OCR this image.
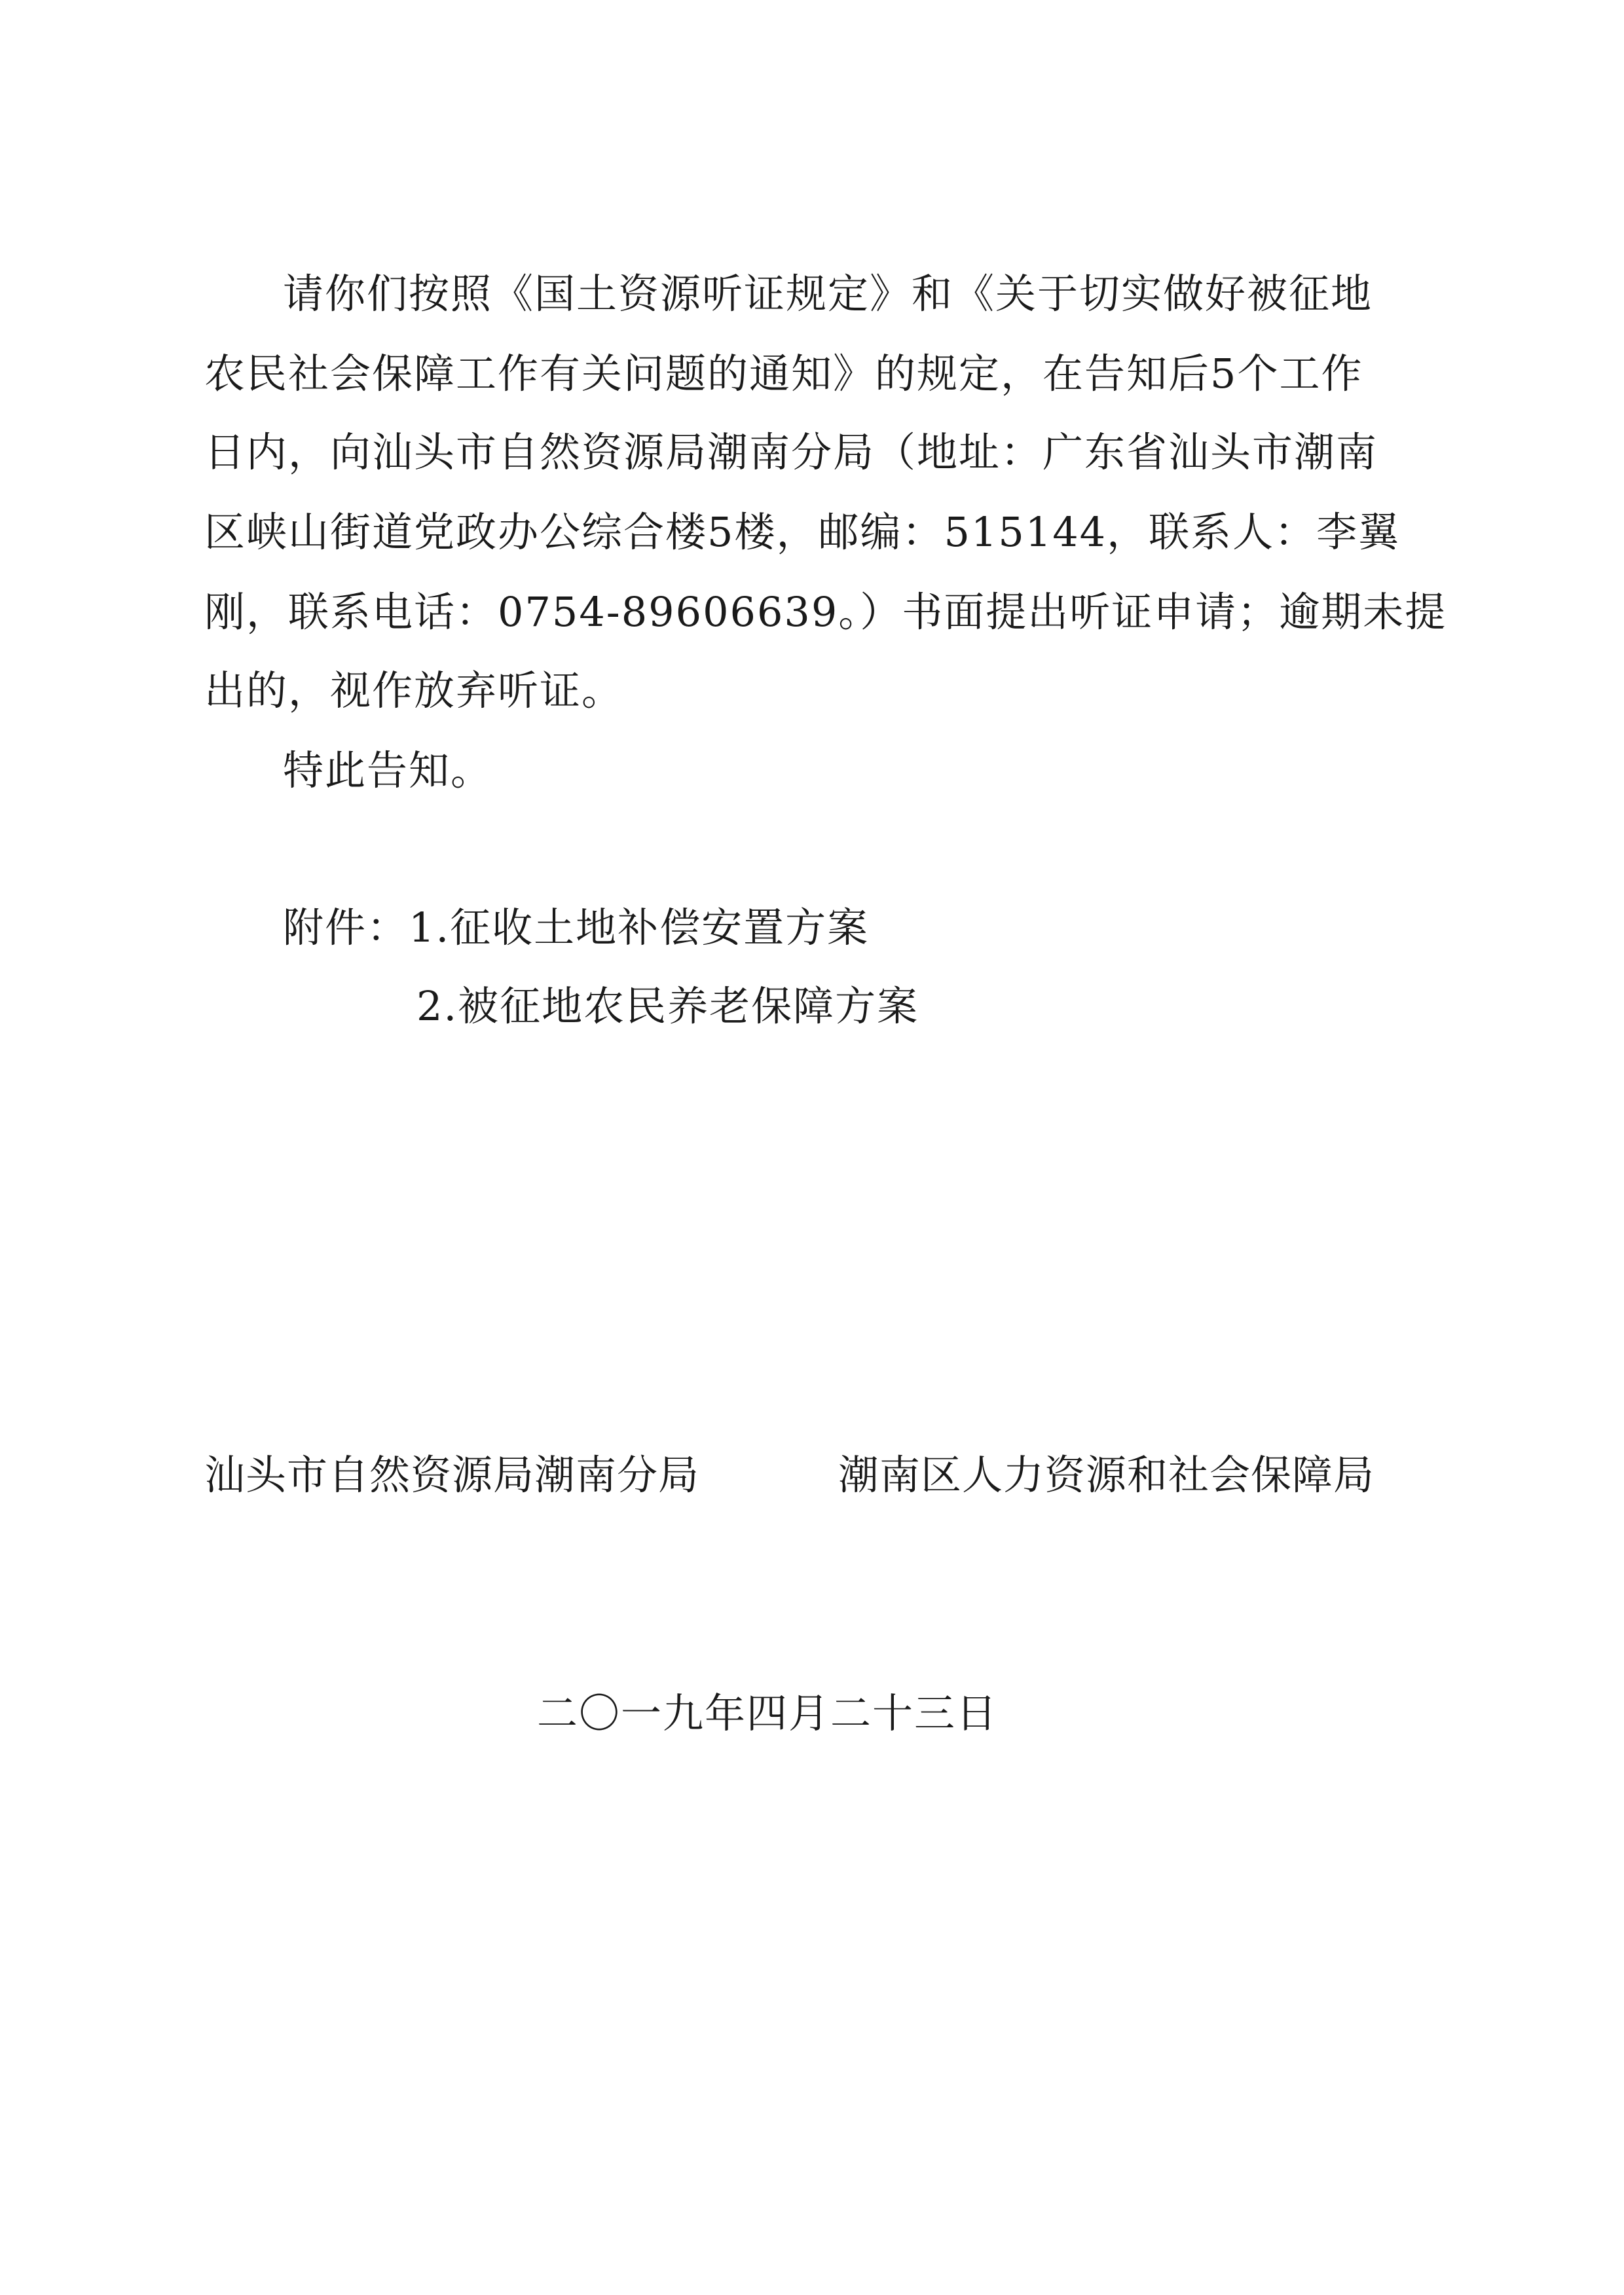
请你们按照《国土资源听证规定》和《关于切实做好被征地
农民社会保障工作有关问题的通知》的规定，在告知后5个工作
日内，向汕头市自然资源局潮南分局（地址：广东省汕头市潮南
区峡山街道党政办公综合楼5楼，邮编：515144，联系人：李翼
刚，联系电话：0754-89606639。）书面提出听证申请；逾期未提
出的，视作放弃听证。
特此告知。
附件：1.征收土地补偿安置方案
2.被征地农民养老保障方案
汕头市自然资源局潮南分局	潮南区人力资源和社会保障局
二〇一九年四月二十三日
